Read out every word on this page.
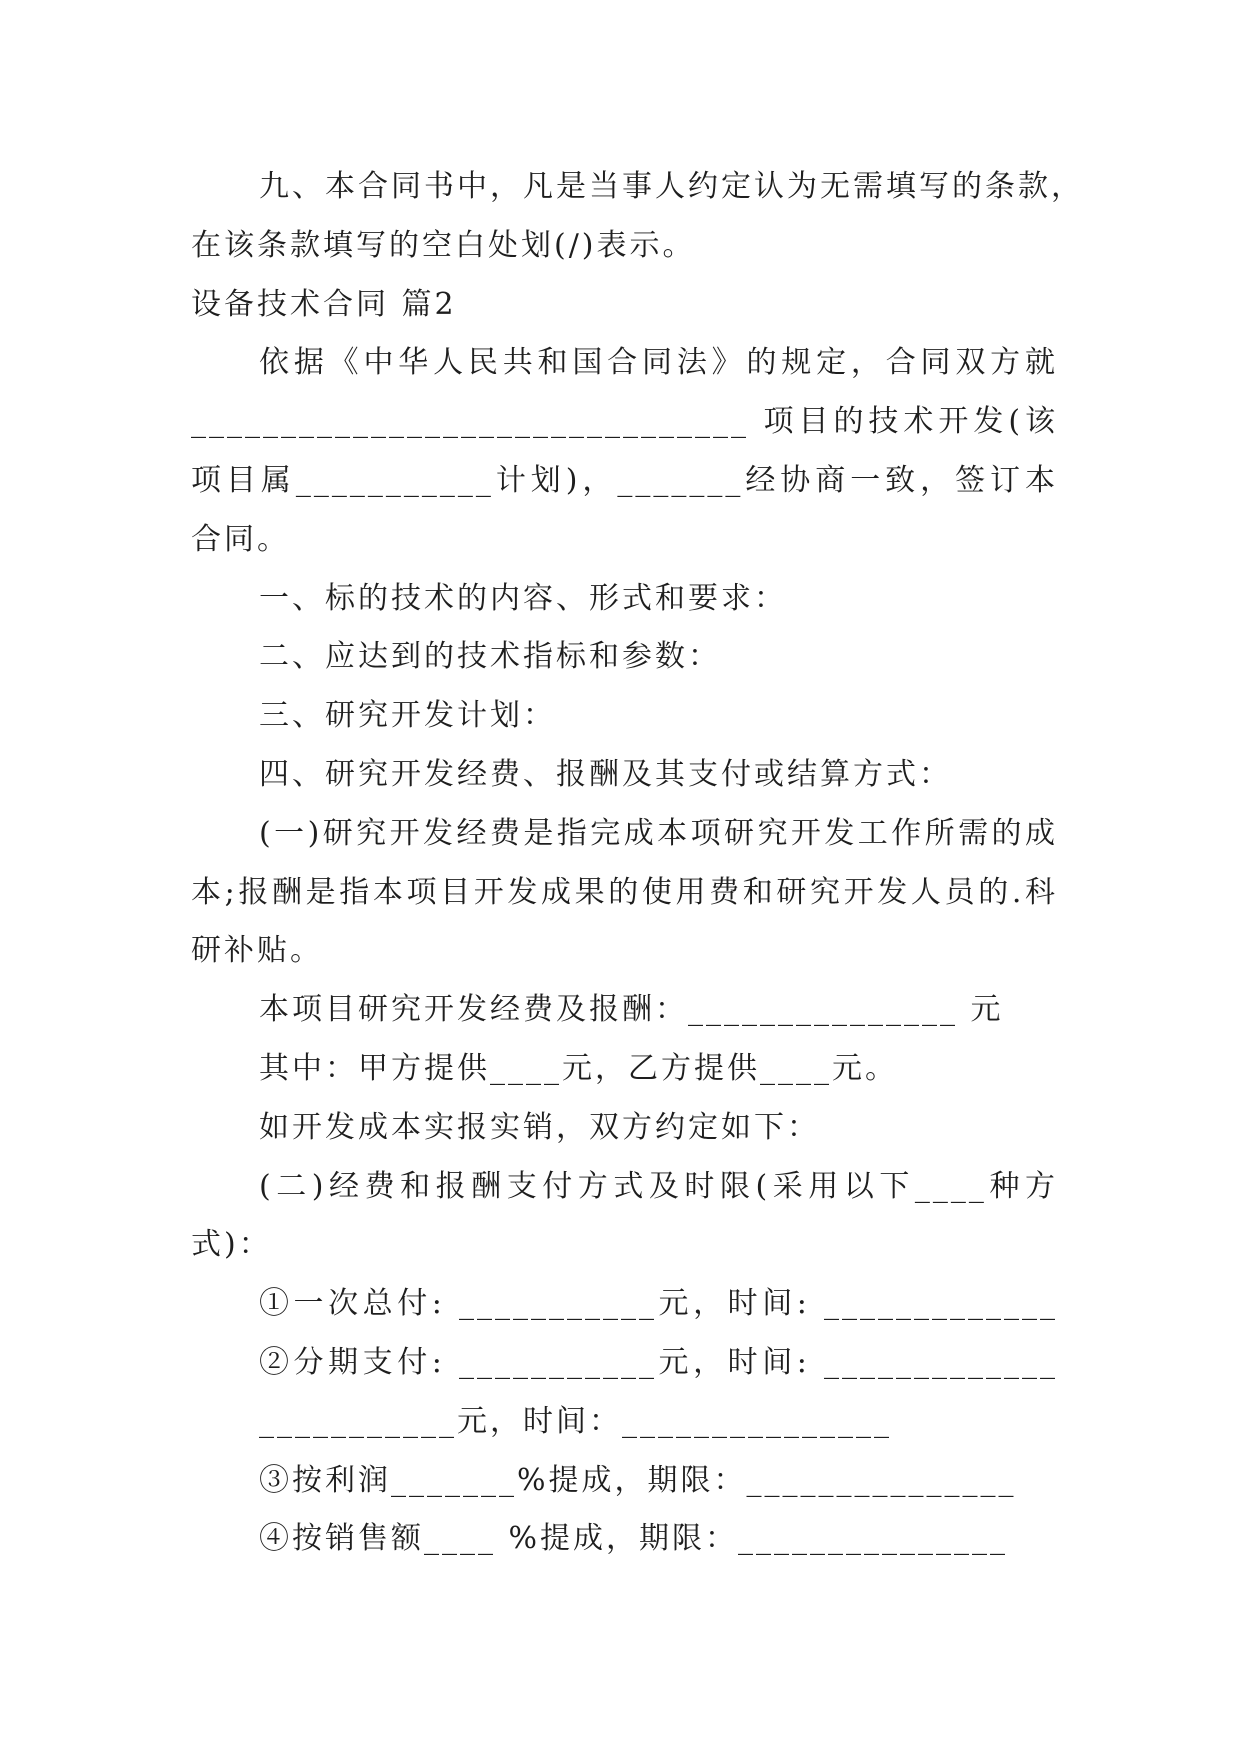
九、本合同书中，凡是当事人约定认为无需填写的条款，
在该条款填写的空白处划(/)表示。
设备技术合同 篇2
依据《中华人民共和国合同法》的规定，合同双方就
_______________________________ 项目的技术开发(该
项目属___________计划)，_______经协商一致，签订本
合同。
一、标的技术的内容、形式和要求：
二、应达到的技术指标和参数：
三、研究开发计划：
四、研究开发经费、报酬及其支付或结算方式：
(一)研究开发经费是指完成本项研究开发工作所需的成
本;报酬是指本项目开发成果的使用费和研究开发人员的.科
研补贴。
本项目研究开发经费及报酬：_______________ 元
其中：甲方提供____元，乙方提供____元。
如开发成本实报实销，双方约定如下：
(二)经费和报酬支付方式及时限(采用以下____种方
式)：
①一次总付: ___________元，时间: _____________
②分期支付: ___________元，时间: _____________
___________元，时间：_______________
③按利润_______%提成，期限：_______________
④按销售额____ %提成，期限：_______________
